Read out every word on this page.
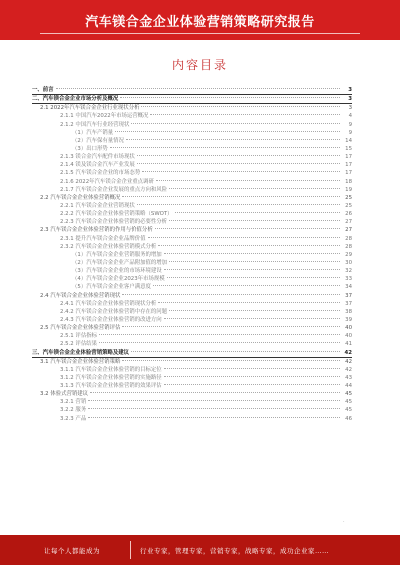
汽车镁合金企业体验营销策略研究报告
内容目录
一、前言	3
二、汽车镁合金企业市场分析及概况	3
2.1 2022年汽车镁合金企业行业现状分析	3
2.1.1 中国汽车2022年市场运营概况	4
2.1.2 中国汽车行业经营现状	9
（1）汽车产销量	9
（2）汽车保有量情况	14
（3）出口形势	15
2.1.3 镁合金汽车配件市场现状	17
2.1.4 镁及镁合金汽车产业发展	17
2.1.5 汽车镁合金企业的市场态势	17
2.1.6 2022年汽车镁合金企业重点调研	18
2.1.7 汽车镁合金企业发展的重点方向和风险	19
2.2 汽车镁合金企业体验营销概况	25
2.2.1 汽车镁合金企业营销现状	25
2.2.2 汽车镁合金企业体验营销策略（SWOT）	26
2.2.3 汽车镁合金企业体验营销的必要性分析	27
2.3 汽车镁合金企业体验营销的作用与价值分析	27
2.3.1 提升汽车镁合金企业品牌价值	28
2.3.2 汽车镁合金企业体验营销模式分析	28
（1）汽车镁合金企业营销服务的增加	29
（2）汽车镁合金企业产品附加值的增加	30
（3）汽车镁合金企业的市场环境建设	32
（4）汽车镁合金企业2023年市场规模	33
（5）汽车镁合金企业客户满意度	34
2.4 汽车镁合金企业体验营销现状	37
2.4.1 汽车镁合金企业体验营销现状分析	37
2.4.2 汽车镁合金企业体验营销中存在的问题	38
2.4.3 汽车镁合金企业体验营销的改进方向	39
2.5 汽车镁合金企业体验营销评估	40
2.5.1 评估指标	40
2.5.2 评估结果	41
三、汽车镁合金企业体验营销策略及建议	42
3.1 汽车镁合金企业体验营销策略	42
3.1.1 汽车镁合金企业体验营销的目标定位	42
3.1.2 汽车镁合金企业体验营销的实施路径	43
3.1.3 汽车镁合金企业体验营销的效果评估	44
3.2 体验式营销建议	45
3.2.1 营销	45
3.2.2 服务	45
3.2.3 产品	46
·
让每个人都能成为	行业专家，管理专家，营销专家，战略专家，成功企业家……
